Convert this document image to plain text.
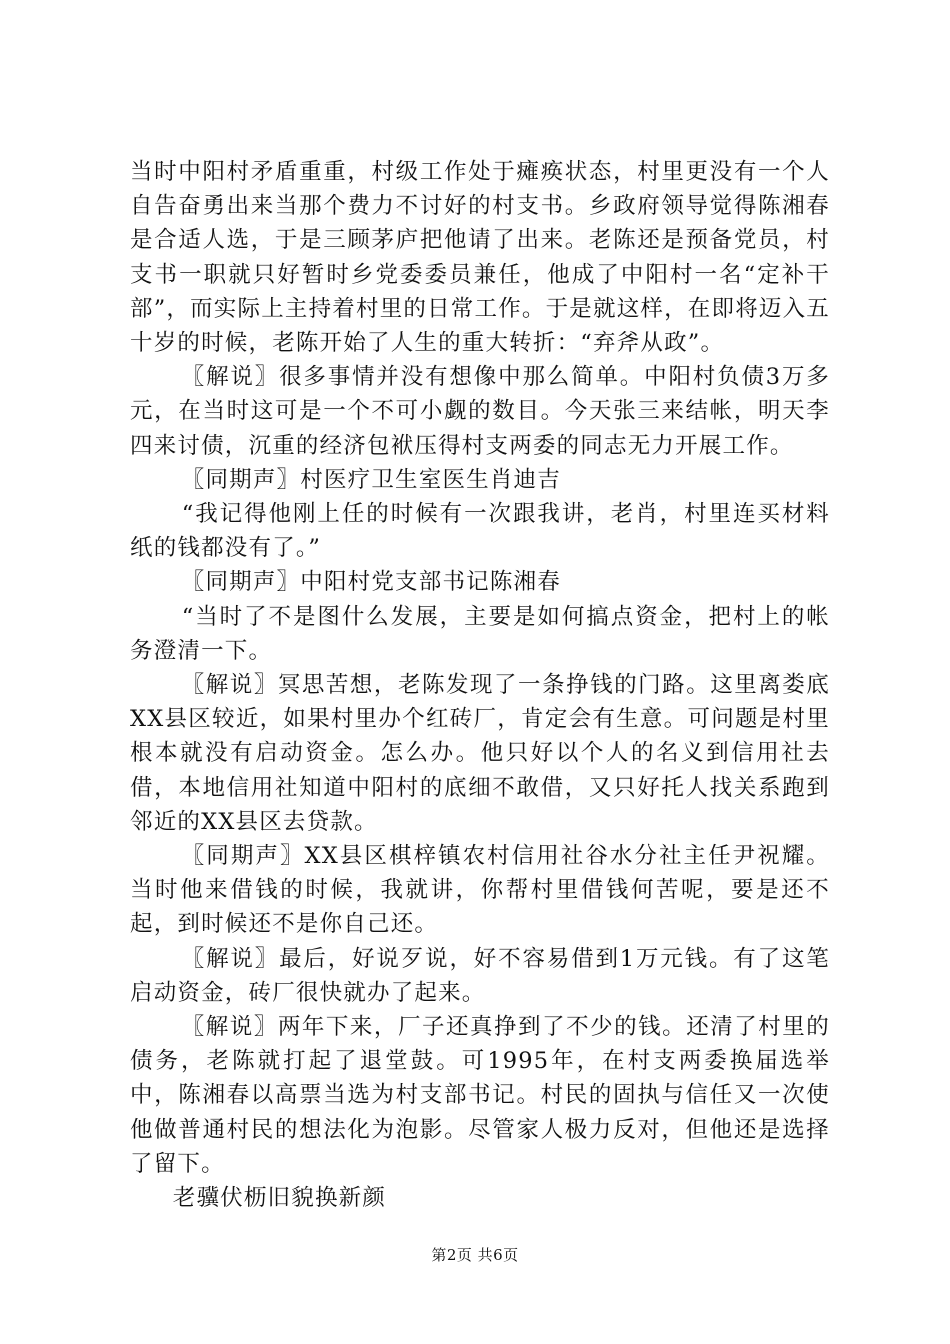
当时中阳村矛盾重重，村级工作处于瘫痪状态，村里更没有一个人自告奋勇出来当那个费力不讨好的村支书。乡政府领导觉得陈湘春是合适人选，于是三顾茅庐把他请了出来。老陈还是预备党员，村支书一职就只好暂时乡党委委员兼任，他成了中阳村一名“定补干部”，而实际上主持着村里的日常工作。于是就这样，在即将迈入五十岁的时候，老陈开始了人生的重大转折：“弃斧从政”。

〖解说〗很多事情并没有想像中那么简单。中阳村负债3万多元，在当时这可是一个不可小觑的数目。今天张三来结帐，明天李四来讨债，沉重的经济包袱压得村支两委的同志无力开展工作。

〖同期声〗村医疗卫生室医生肖迪吉

“我记得他刚上任的时候有一次跟我讲，老肖，村里连买材料纸的钱都没有了。”

〖同期声〗中阳村党支部书记陈湘春

“当时了不是图什么发展，主要是如何搞点资金，把村上的帐务澄清一下。

〖解说〗冥思苦想，老陈发现了一条挣钱的门路。这里离娄底XX县区较近，如果村里办个红砖厂，肯定会有生意。可问题是村里根本就没有启动资金。怎么办。他只好以个人的名义到信用社去借，本地信用社知道中阳村的底细不敢借，又只好托人找关系跑到邻近的XX县区去贷款。

〖同期声〗XX县区棋梓镇农村信用社谷水分社主任尹祝耀。当时他来借钱的时候，我就讲，你帮村里借钱何苦呢，要是还不起，到时候还不是你自己还。

〖解说〗最后，好说歹说，好不容易借到1万元钱。有了这笔启动资金，砖厂很快就办了起来。

〖解说〗两年下来，厂子还真挣到了不少的钱。还清了村里的债务，老陈就打起了退堂鼓。可1995年，在村支两委换届选举中，陈湘春以高票当选为村支部书记。村民的固执与信任又一次使他做普通村民的想法化为泡影。尽管家人极力反对，但他还是选择了留下。

老骥伏枥旧貌换新颜

第2页 共6页
